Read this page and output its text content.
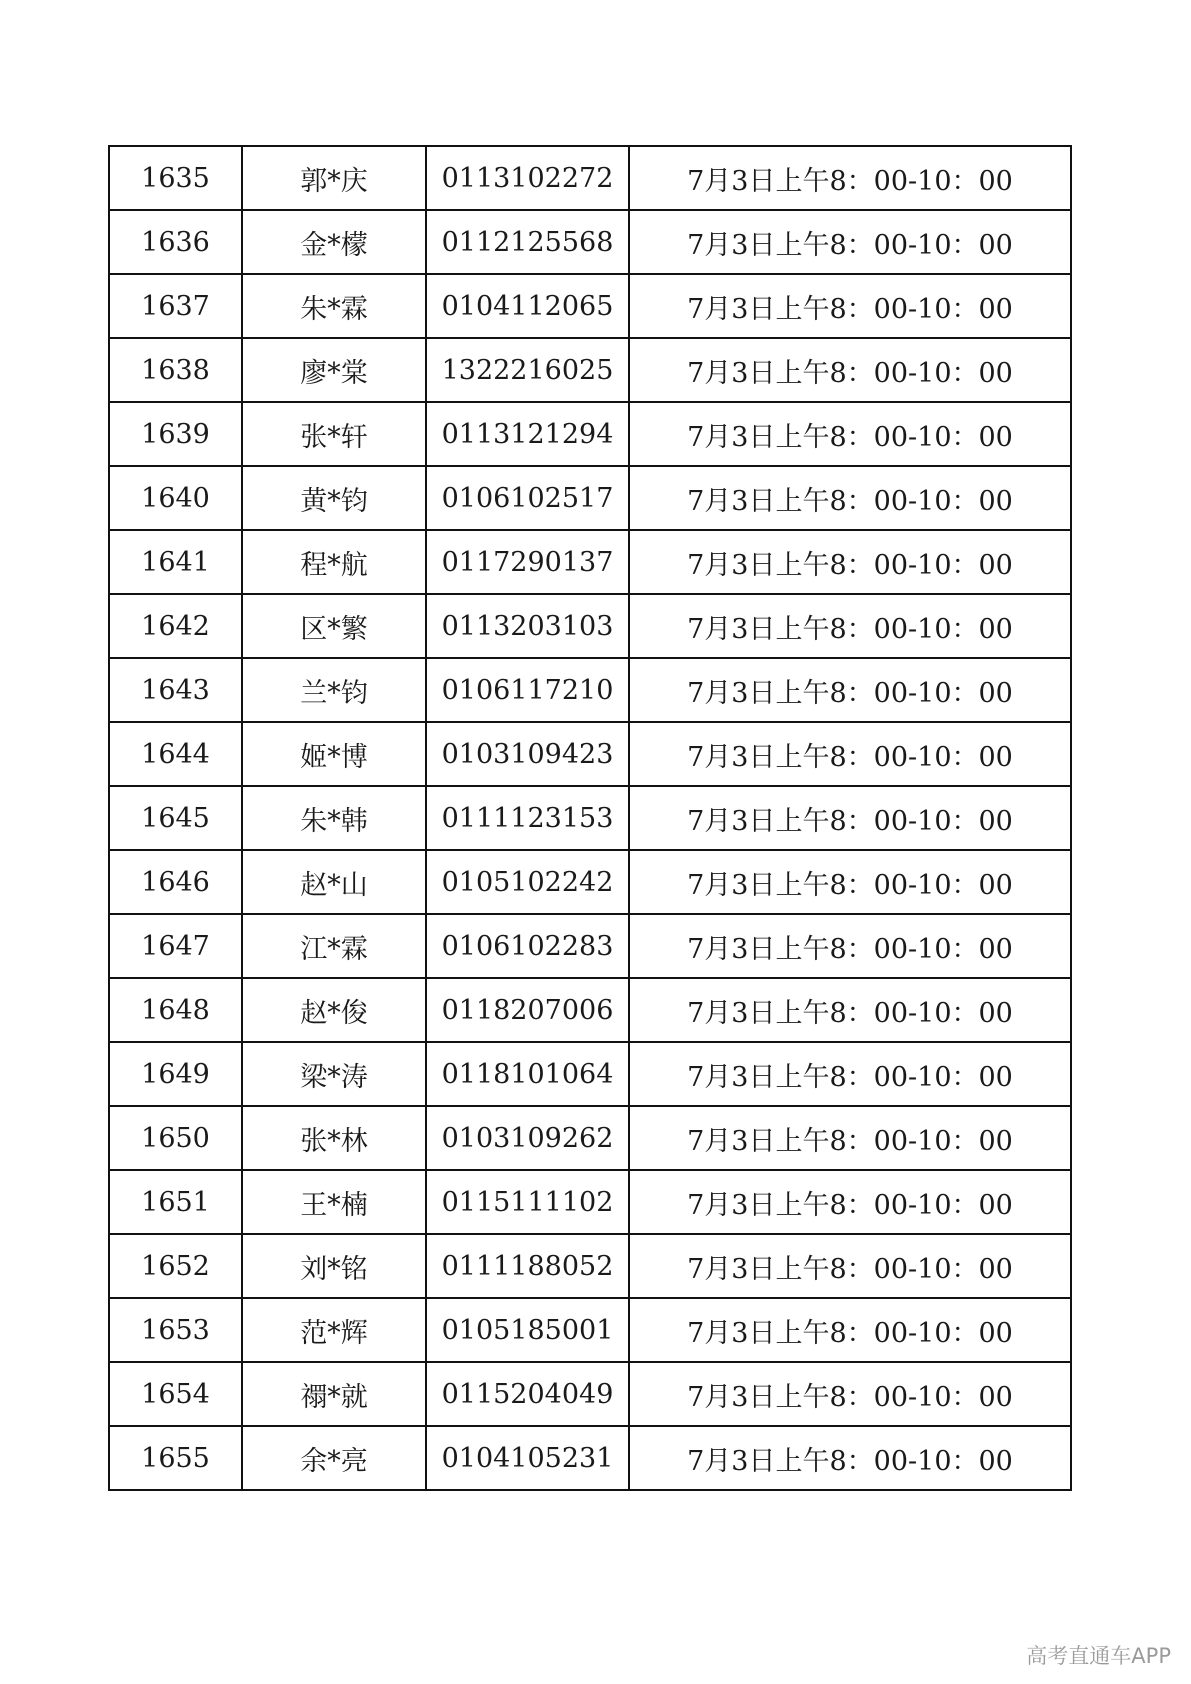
1635	郭*庆	0113102272	7月3日上午8：00-10：00
1636	金*檬	0112125568	7月3日上午8：00-10：00
1637	朱*霖	0104112065	7月3日上午8：00-10：00
1638	廖*棠	1322216025	7月3日上午8：00-10：00
1639	张*轩	0113121294	7月3日上午8：00-10：00
1640	黄*钧	0106102517	7月3日上午8：00-10：00
1641	程*航	0117290137	7月3日上午8：00-10：00
1642	区*繁	0113203103	7月3日上午8：00-10：00
1643	兰*钧	0106117210	7月3日上午8：00-10：00
1644	姬*博	0103109423	7月3日上午8：00-10：00
1645	朱*韩	0111123153	7月3日上午8：00-10：00
1646	赵*山	0105102242	7月3日上午8：00-10：00
1647	江*霖	0106102283	7月3日上午8：00-10：00
1648	赵*俊	0118207006	7月3日上午8：00-10：00
1649	梁*涛	0118101064	7月3日上午8：00-10：00
1650	张*林	0103109262	7月3日上午8：00-10：00
1651	王*楠	0115111102	7月3日上午8：00-10：00
1652	刘*铭	0111188052	7月3日上午8：00-10：00
1653	范*辉	0105185001	7月3日上午8：00-10：00
1654	禤*就	0115204049	7月3日上午8：00-10：00
1655	余*亮	0104105231	7月3日上午8：00-10：00
高考直通车APP
